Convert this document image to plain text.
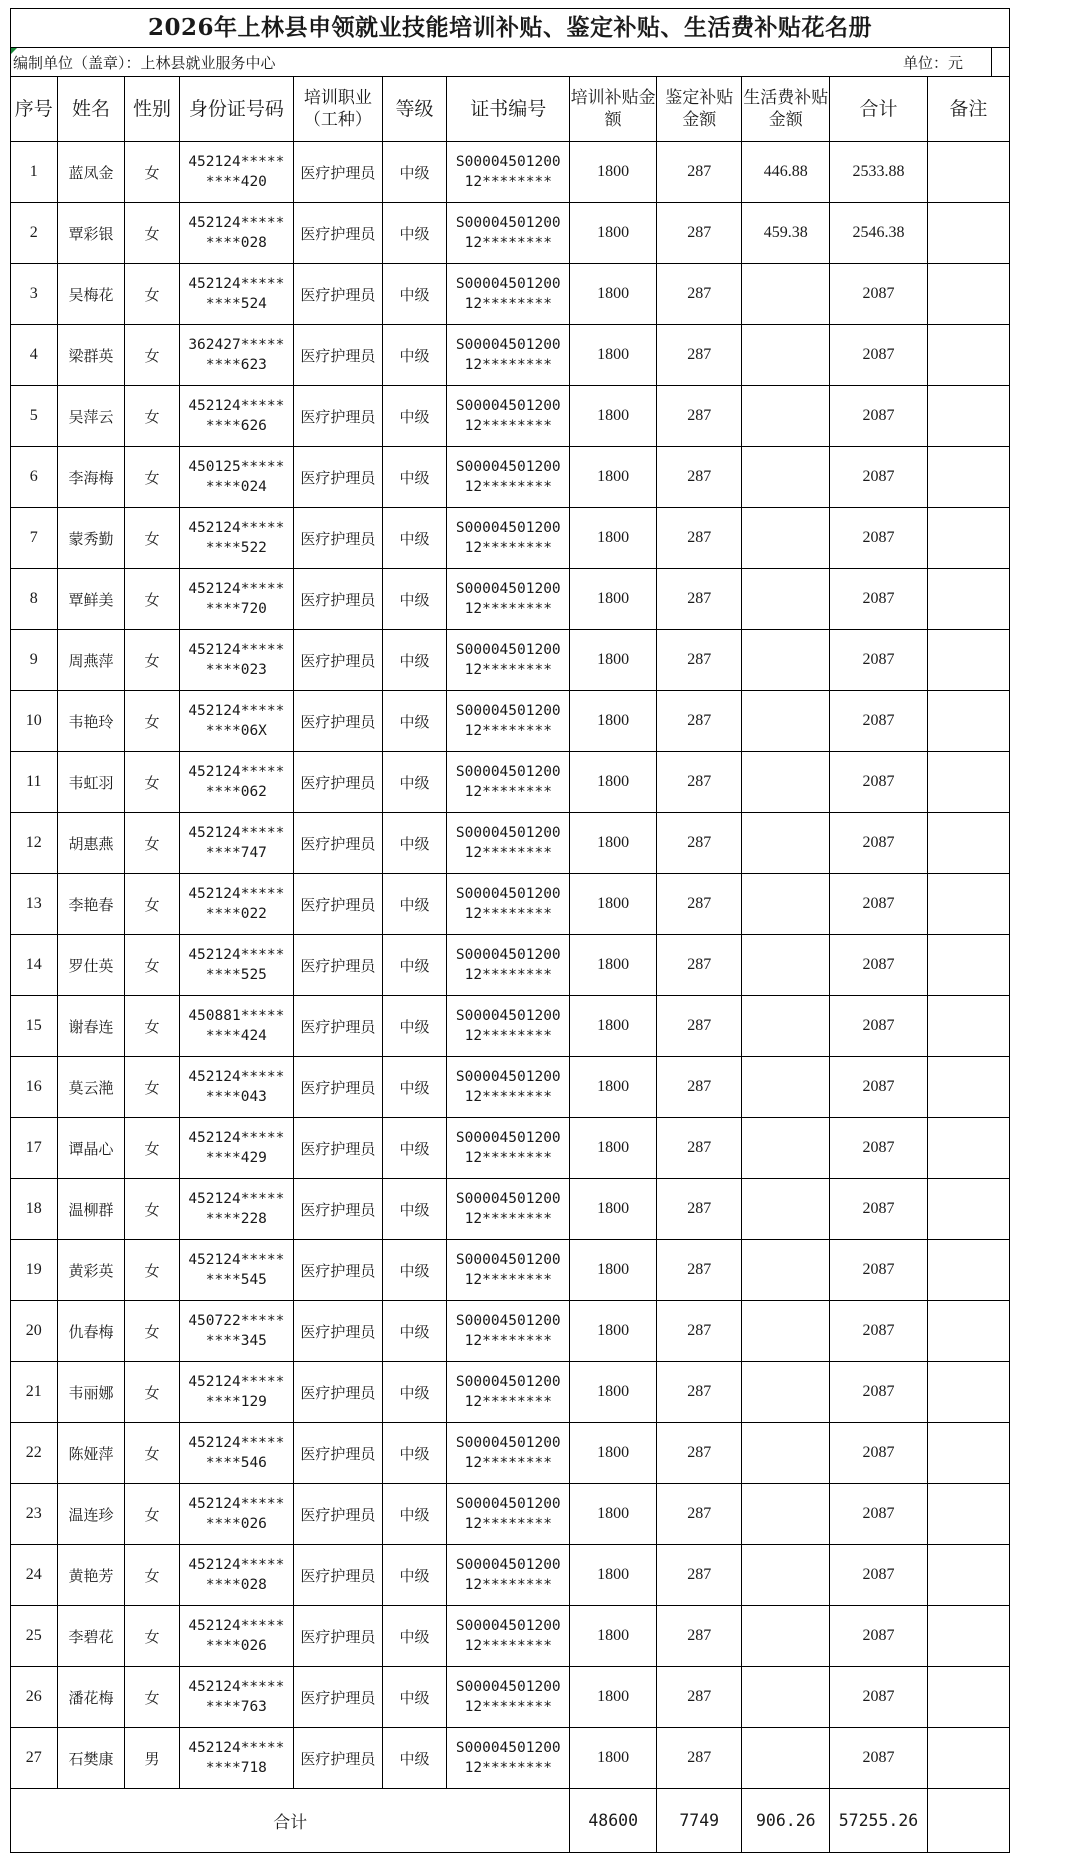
2026年上林县申领就业技能培训补贴、鉴定补贴、生活费补贴花名册
编制单位（盖章）：上林县就业服务中心	单位：元
序号	姓名	性别	身份证号码	培训职业（工种）	等级	证书编号	培训补贴金额	鉴定补贴金额	生活费补贴金额	合计	备注
1	蓝凤金	女	452124*****
****420	医疗护理员	中级	S00004501200
12********	1800	287	446.88	2533.88	
2	覃彩银	女	452124*****
****028	医疗护理员	中级	S00004501200
12********	1800	287	459.38	2546.38	
3	吴梅花	女	452124*****
****524	医疗护理员	中级	S00004501200
12********	1800	287		2087	
4	梁群英	女	362427*****
****623	医疗护理员	中级	S00004501200
12********	1800	287		2087	
5	吴萍云	女	452124*****
****626	医疗护理员	中级	S00004501200
12********	1800	287		2087	
6	李海梅	女	450125*****
****024	医疗护理员	中级	S00004501200
12********	1800	287		2087	
7	蒙秀勤	女	452124*****
****522	医疗护理员	中级	S00004501200
12********	1800	287		2087	
8	覃鲜美	女	452124*****
****720	医疗护理员	中级	S00004501200
12********	1800	287		2087	
9	周燕萍	女	452124*****
****023	医疗护理员	中级	S00004501200
12********	1800	287		2087	
10	韦艳玲	女	452124*****
****06X	医疗护理员	中级	S00004501200
12********	1800	287		2087	
11	韦虹羽	女	452124*****
****062	医疗护理员	中级	S00004501200
12********	1800	287		2087	
12	胡惠燕	女	452124*****
****747	医疗护理员	中级	S00004501200
12********	1800	287		2087	
13	李艳春	女	452124*****
****022	医疗护理员	中级	S00004501200
12********	1800	287		2087	
14	罗仕英	女	452124*****
****525	医疗护理员	中级	S00004501200
12********	1800	287		2087	
15	谢春连	女	450881*****
****424	医疗护理员	中级	S00004501200
12********	1800	287		2087	
16	莫云滟	女	452124*****
****043	医疗护理员	中级	S00004501200
12********	1800	287		2087	
17	谭晶心	女	452124*****
****429	医疗护理员	中级	S00004501200
12********	1800	287		2087	
18	温柳群	女	452124*****
****228	医疗护理员	中级	S00004501200
12********	1800	287		2087	
19	黄彩英	女	452124*****
****545	医疗护理员	中级	S00004501200
12********	1800	287		2087	
20	仇春梅	女	450722*****
****345	医疗护理员	中级	S00004501200
12********	1800	287		2087	
21	韦丽娜	女	452124*****
****129	医疗护理员	中级	S00004501200
12********	1800	287		2087	
22	陈娅萍	女	452124*****
****546	医疗护理员	中级	S00004501200
12********	1800	287		2087	
23	温连珍	女	452124*****
****026	医疗护理员	中级	S00004501200
12********	1800	287		2087	
24	黄艳芳	女	452124*****
****028	医疗护理员	中级	S00004501200
12********	1800	287		2087	
25	李碧花	女	452124*****
****026	医疗护理员	中级	S00004501200
12********	1800	287		2087	
26	潘花梅	女	452124*****
****763	医疗护理员	中级	S00004501200
12********	1800	287		2087	
27	石樊康	男	452124*****
****718	医疗护理员	中级	S00004501200
12********	1800	287		2087	
合计							48600	7749	906.26	57255.26	
